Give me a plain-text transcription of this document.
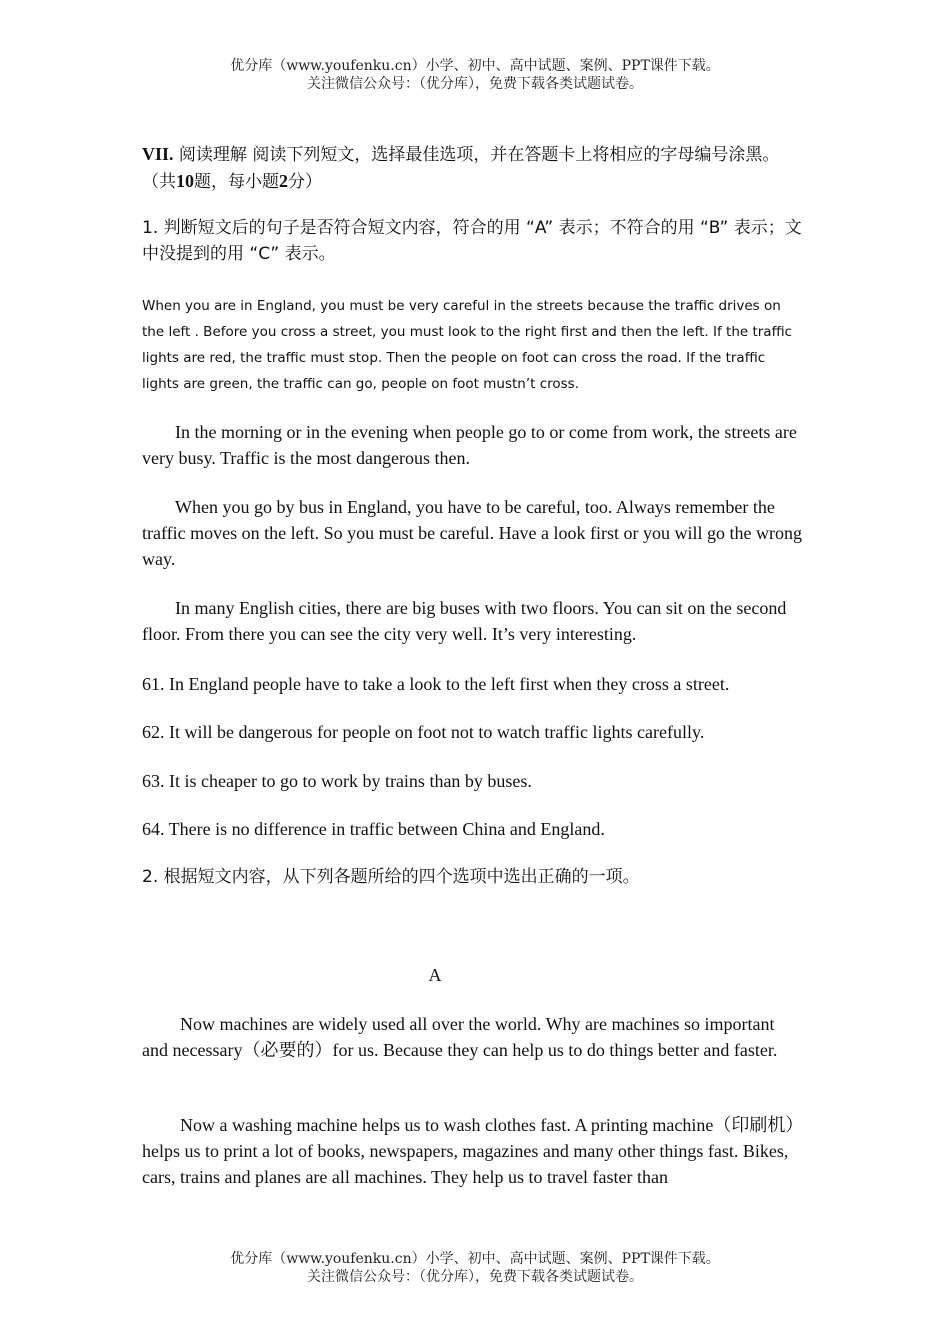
优分库（www.youfenku.cn）小学、初中、高中试题、案例、PPT课件下载。
关注微信公众号：（优分库），免费下载各类试题试卷。
VII. 阅读理解 阅读下列短文，选择最佳选项，并在答题卡上将相应的字母编号涂黑。（共10题，每小题2分）
1. 判断短文后的句子是否符合短文内容，符合的用 “A” 表示；不符合的用 “B” 表示；文中没提到的用 “C” 表示。
When you are in England, you must be very careful in the streets because the traffic drives on the left . Before you cross a street, you must look to the right first and then the left. If the traffic lights are red, the traffic must stop. Then the people on foot can cross the road. If the traffic lights are green, the traffic can go, people on foot mustn’t cross.
In the morning or in the evening when people go to or come from work, the streets are very busy. Traffic is the most dangerous then.
When you go by bus in England, you have to be careful, too. Always remember the traffic moves on the left. So you must be careful. Have a look first or you will go the wrong way.
In many English cities, there are big buses with two floors. You can sit on the second floor. From there you can see the city very well. It’s very interesting.
61. In England people have to take a look to the left first when they cross a street.
62. It will be dangerous for people on foot not to watch traffic lights carefully.
63. It is cheaper to go to work by trains than by buses.
64. There is no difference in traffic between China and England.
2. 根据短文内容，从下列各题所给的四个选项中选出正确的一项。
A
Now machines are widely used all over the world. Why are machines so important and necessary（必要的）for us. Because they can help us to do things better and faster.
Now a washing machine helps us to wash clothes fast. A printing machine（印刷机）helps us to print a lot of books, newspapers, magazines and many other things fast. Bikes, cars, trains and planes are all machines. They help us to travel faster than
优分库（www.youfenku.cn）小学、初中、高中试题、案例、PPT课件下载。
关注微信公众号：（优分库），免费下载各类试题试卷。
